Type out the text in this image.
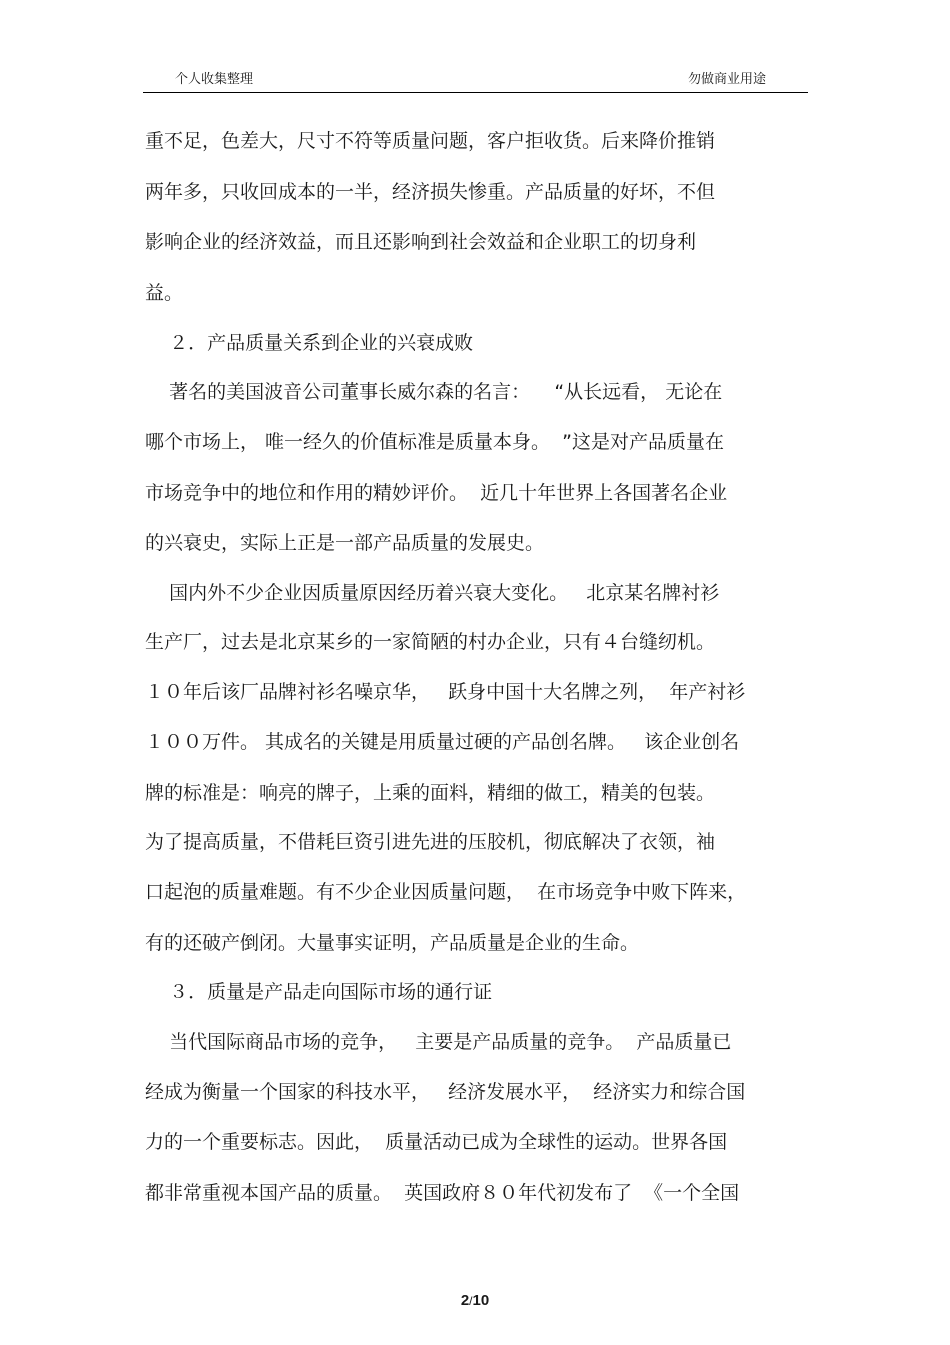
个人收集整理	勿做商业用途
重不足，色差大，尺寸不符等质量问题，客户拒收货。后来降价推销
两年多，只收回成本的一半，经济损失惨重。产品质量的好坏，不但
影响企业的经济效益，而且还影响到社会效益和企业职工的切身利
益。
２．产品质量关系到企业的兴衰成败
著名的美国波音公司董事长威尔森的名言：    “从长远看， 无论在
哪个市场上， 唯一经久的价值标准是质量本身。  ”这是对产品质量在
市场竞争中的地位和作用的精妙评价。  近几十年世界上各国著名企业
的兴衰史，实际上正是一部产品质量的发展史。
国内外不少企业因质量原因经历着兴衰大变化。   北京某名牌衬衫
生产厂，过去是北京某乡的一家简陋的村办企业，只有４台缝纫机。
１０年后该厂品牌衬衫名噪京华，   跃身中国十大名牌之列，  年产衬衫
１００万件。 其成名的关键是用质量过硬的产品创名牌。   该企业创名
牌的标准是：响亮的牌子，上乘的面料，精细的做工，精美的包装。
为了提高质量，不借耗巨资引进先进的压胶机，彻底解决了衣领，袖
口起泡的质量难题。有不少企业因质量问题，  在市场竞争中败下阵来，
有的还破产倒闭。大量事实证明，产品质量是企业的生命。
３．质量是产品走向国际市场的通行证
当代国际商品市场的竞争，   主要是产品质量的竞争。  产品质量已
经成为衡量一个国家的科技水平，   经济发展水平，  经济实力和综合国
力的一个重要标志。因此，  质量活动已成为全球性的运动。世界各国
都非常重视本国产品的质量。  英国政府８０年代初发布了  《一个全国
2/10
